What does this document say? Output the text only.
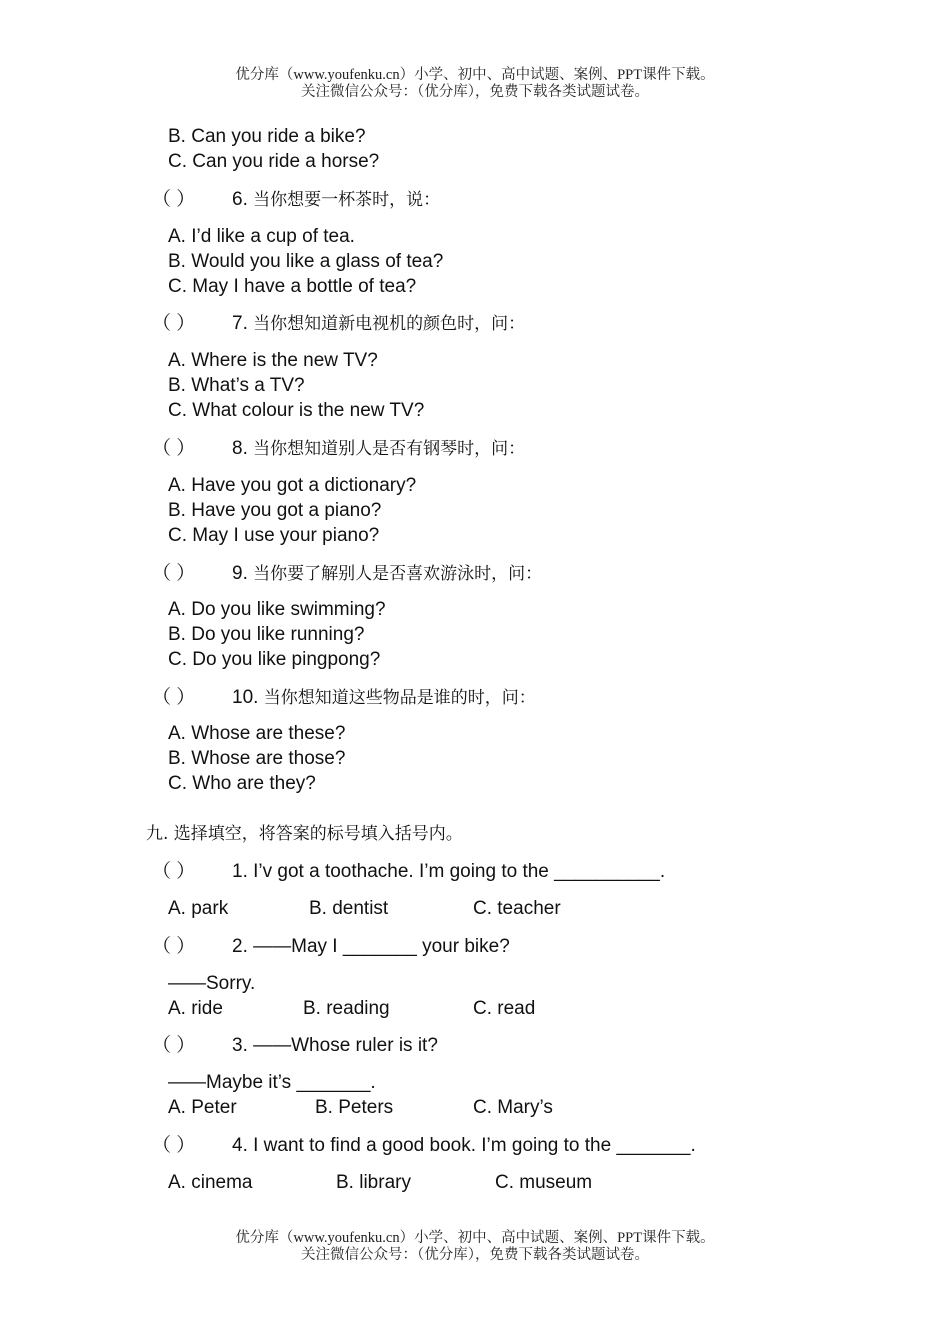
优分库（www.youfenku.cn）小学、初中、高中试题、案例、PPT课件下载。
关注微信公众号：（优分库），免费下载各类试题试卷。
B. Can you ride a bike?
C. Can you ride a horse?
（ ） 6. 当你想要一杯茶时，说：
A. I’d like a cup of tea.
B. Would you like a glass of tea?
C. May I have a bottle of tea?
（ ） 7. 当你想知道新电视机的颜色时，问：
A. Where is the new TV?
B. What’s a TV?
C. What colour is the new TV?
（ ） 8. 当你想知道别人是否有钢琴时，问：
A. Have you got a dictionary?
B. Have you got a piano?
C. May I use your piano?
（ ） 9. 当你要了解别人是否喜欢游泳时，问：
A. Do you like swimming?
B. Do you like running?
C. Do you like pingpong?
（ ） 10. 当你想知道这些物品是谁的时，问：
A. Whose are these?
B. Whose are those?
C. Who are they?
九. 选择填空，将答案的标号填入括号内。
（ ） 1. I’v got a toothache. I’m going to the __________.
A. park	B. dentist	C. teacher
（ ） 2. ——May I _______ your bike?
——Sorry.
A. ride	B. reading	C. read
（ ） 3. ——Whose ruler is it?
——Maybe it’s _______.
A. Peter	B. Peters	C. Mary’s
（ ） 4. I want to find a good book. I’m going to the _______.
A. cinema	B. library	C. museum
优分库（www.youfenku.cn）小学、初中、高中试题、案例、PPT课件下载。
关注微信公众号：（优分库），免费下载各类试题试卷。
